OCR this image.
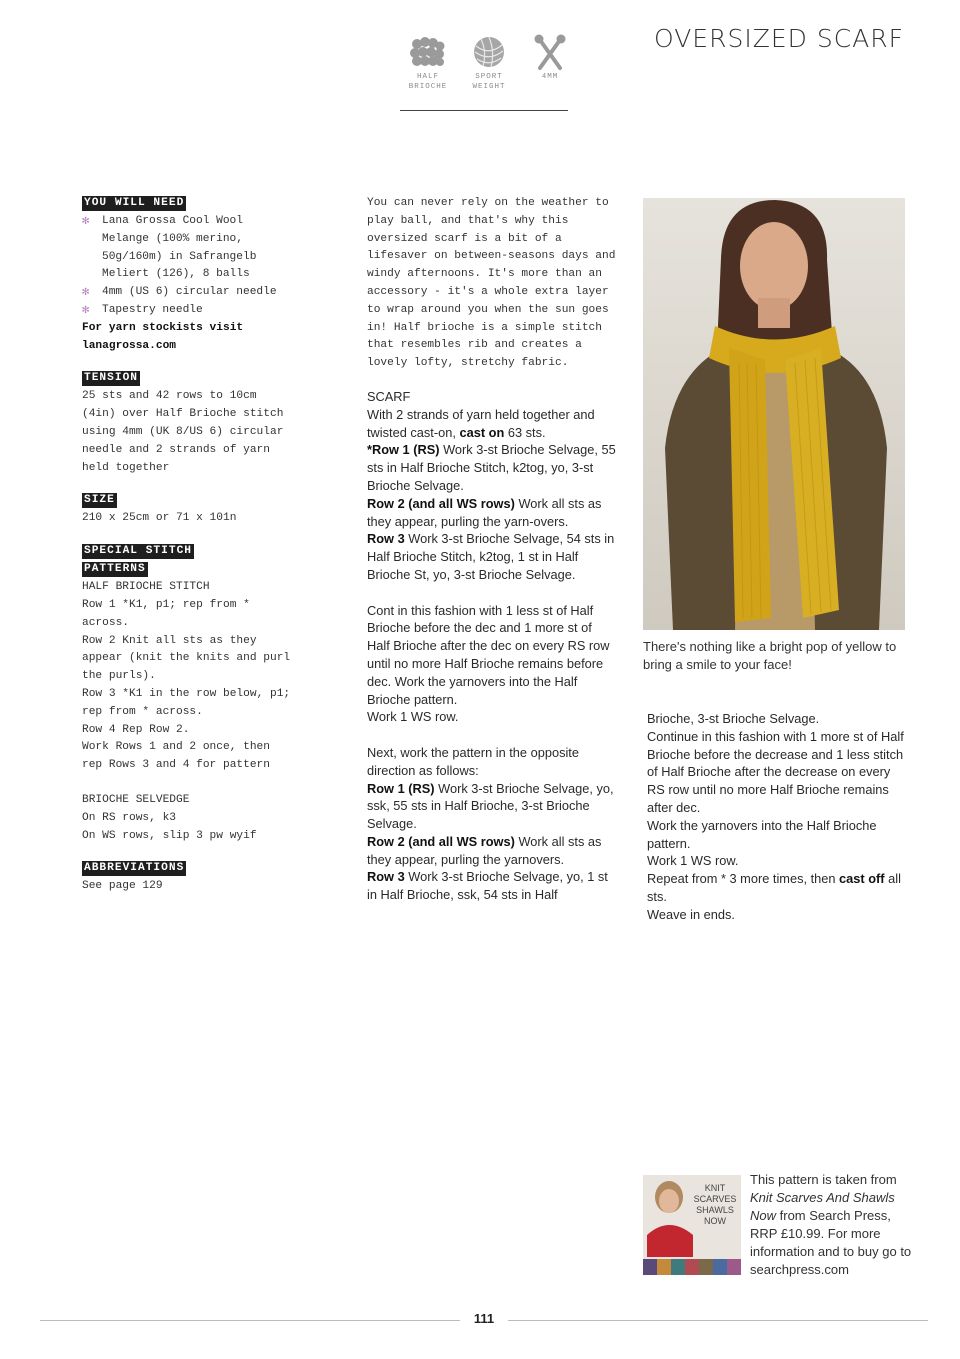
OVERSIZED SCARF
HALF
BRIOCHE
SPORT
WEIGHT
4MM
YOU WILL NEED
✻ Lana Grossa Cool Wool Melange (100% merino, 50g/160m) in Safrangelb Meliert (126), 8 balls
✻ 4mm (US 6) circular needle
✻ Tapestry needle
For yarn stockists visit
lanagrossa.com
TENSION
25 sts and 42 rows to 10cm (4in) over Half Brioche stitch using 4mm (UK 8/US 6) circular needle and 2 strands of yarn held together
SIZE
210 x 25cm or 71 x 101n
SPECIAL STITCH
PATTERNS
HALF BRIOCHE STITCH
Row 1 *K1, p1; rep from * across.
Row 2 Knit all sts as they appear (knit the knits and purl the purls).
Row 3 *K1 in the row below, p1; rep from * across.
Row 4 Rep Row 2.
Work Rows 1 and 2 once, then rep Rows 3 and 4 for pattern
BRIOCHE SELVEDGE
On RS rows, k3
On WS rows, slip 3 pw wyif
ABBREVIATIONS
See page 129
You can never rely on the weather to play ball, and that's why this oversized scarf is a bit of a lifesaver on between-seasons days and windy afternoons. It's more than an accessory - it's a whole extra layer to wrap around you when the sun goes in! Half brioche is a simple stitch that resembles rib and creates a lovely lofty, stretchy fabric.
SCARF
With 2 strands of yarn held together and twisted cast-on, cast on 63 sts.
*Row 1 (RS) Work 3-st Brioche Selvage, 55 sts in Half Brioche Stitch, k2tog, yo, 3-st Brioche Selvage.
Row 2 (and all WS rows) Work all sts as they appear, purling the yarn-overs.
Row 3 Work 3-st Brioche Selvage, 54 sts in Half Brioche Stitch, k2tog, 1 st in Half Brioche St, yo, 3-st Brioche Selvage.
Cont in this fashion with 1 less st of Half Brioche before the dec and 1 more st of Half Brioche after the dec on every RS row until no more Half Brioche remains before dec. Work the yarnovers into the Half Brioche pattern.
Work 1 WS row.
Next, work the pattern in the opposite direction as follows:
Row 1 (RS) Work 3-st Brioche Selvage, yo, ssk, 55 sts in Half Brioche, 3-st Brioche Selvage.
Row 2 (and all WS rows) Work all sts as they appear, purling the yarnovers.
Row 3 Work 3-st Brioche Selvage, yo, 1 st in Half Brioche, ssk, 54 sts in Half
There's nothing like a bright pop of yellow to bring a smile to your face!
Brioche, 3-st Brioche Selvage.
Continue in this fashion with 1 more st of Half Brioche before the decrease and 1 less stitch of Half Brioche after the decrease on every RS row until no more Half Brioche remains after dec.
Work the yarnovers into the Half Brioche pattern.
Work 1 WS row.
Repeat from * 3 more times, then cast off all sts.
Weave in ends.
KNIT
SCARVES
SHAWLS
NOW
This pattern is taken from Knit Scarves And Shawls Now from Search Press, RRP £10.99. For more information and to buy go to searchpress.com
111
